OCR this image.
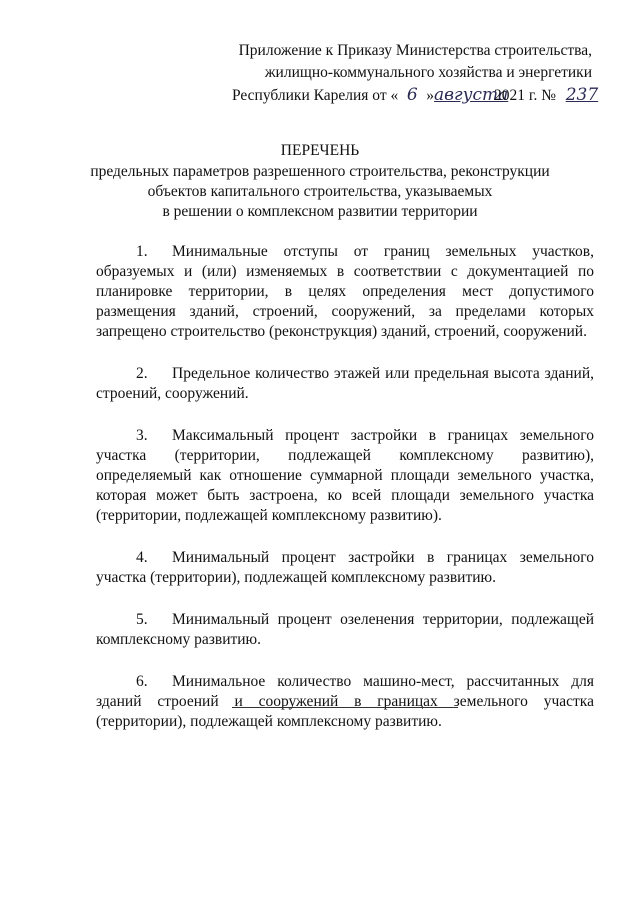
Приложение к Приказу Министерства строительства,
жилищно-коммунального хозяйства и энергетики
Республики Карелия от « 6 »августа2021 г. № 237
ПЕРЕЧЕНЬ
предельных параметров разрешенного строительства, реконструкции
объектов капитального строительства, указываемых
в решении о комплексном развитии территории
1. Минимальные отступы от границ земельных участков, образуемых и (или) изменяемых в соответствии с документацией по планировке территории, в целях определения мест допустимого размещения зданий, строений, сооружений, за пределами которых запрещено строительство (реконструкция) зданий, строений, сооружений.
2. Предельное количество этажей или предельная высота зданий, строений, сооружений.
3. Максимальный процент застройки в границах земельного участка (территории, подлежащей комплексному развитию), определяемый как отношение суммарной площади земельного участка, которая может быть застроена, ко всей площади земельного участка (территории, подлежащей комплексному развитию).
4. Минимальный процент застройки в границах земельного участка (территории), подлежащей комплексному развитию.
5. Минимальный процент озеленения территории, подлежащей комплексному развитию.
6. Минимальное количество машино-мест, рассчитанных для зданий строений и сооружений в границах земельного участка (территории), подлежащей комплексному развитию.
